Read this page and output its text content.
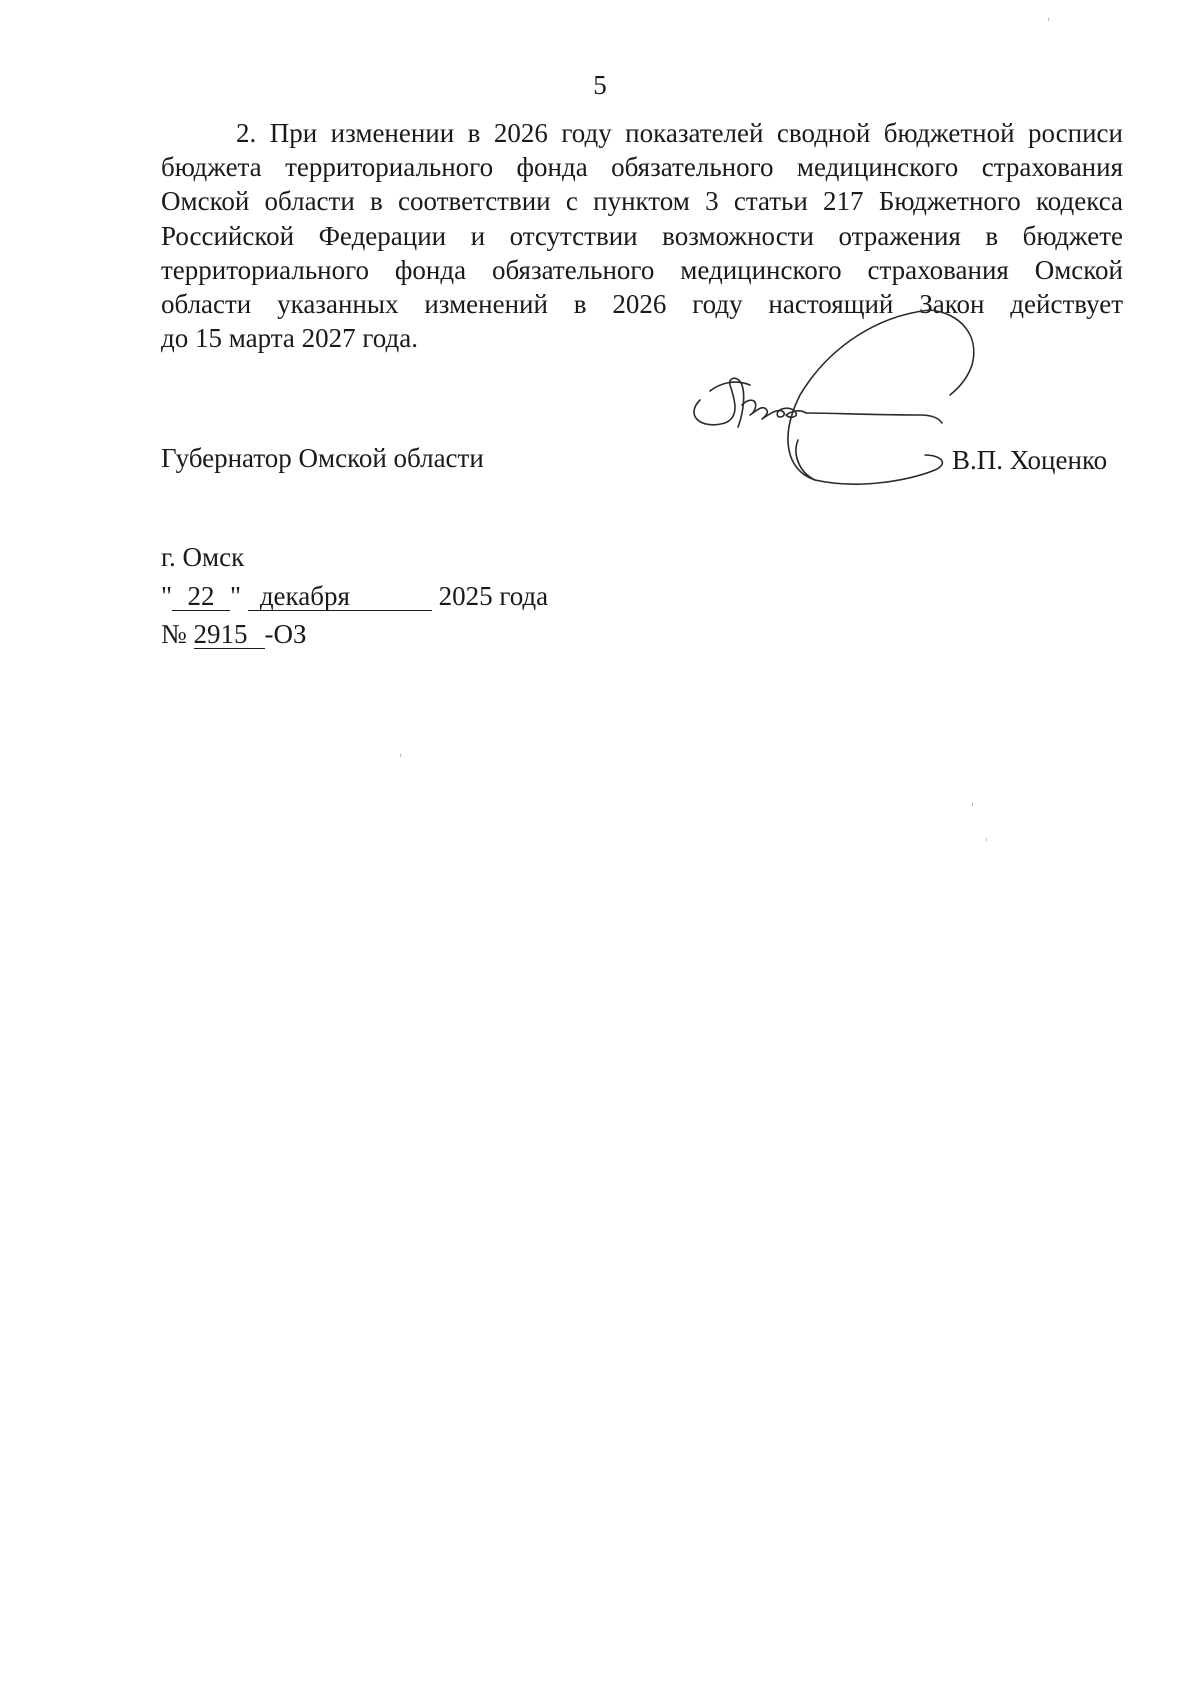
5
2. При изменении в 2026 году показателей сводной бюджетной росписи
бюджета территориального фонда обязательного медицинского страхования
Омской области в соответствии с пунктом 3 статьи 217 Бюджетного кодекса
Российской Федерации и отсутствии возможности отражения в бюджете
территориального фонда обязательного медицинского страхования Омской
области указанных изменений в 2026 году настоящий Закон действует
до 15 марта 2027 года.
Губернатор Омской области	В.П. Хоценко
г. Омск
" 22 " декабря	2025 года
№ 2915 -ОЗ
